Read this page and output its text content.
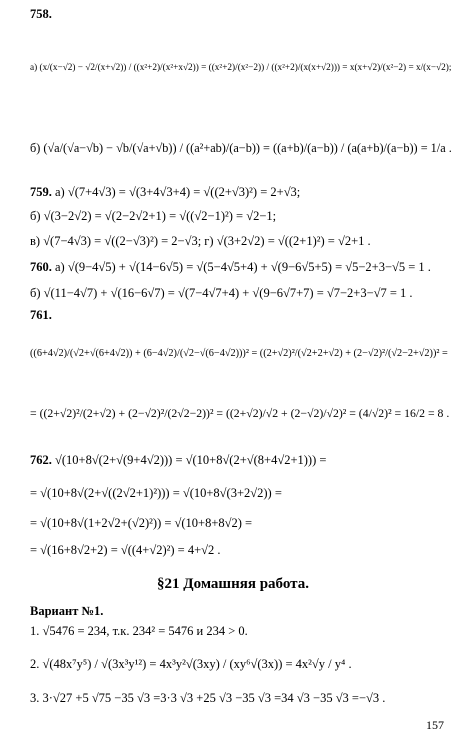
758.
а) (x/(x−√2) − √2/(x+√2)) / ((x²+2)/(x²+x√2)) = ((x²+2)/(x²−2)) / ((x²+2)/(x(x+√2))) = x(x+√2)/(x²−2) = x/(x−√2);
б) (√a/(√a−√b) − √b/(√a+√b)) / ((a²+ab)/(a−b)) = ((a+b)/(a−b)) / (a(a+b)/(a−b)) = 1/a .
759. а) √(7+4√3) = √(3+4√3+4) = √((2+√3)²) = 2+√3;
б) √(3−2√2) = √(2−2√2+1) = √((√2−1)²) = √2−1;
в) √(7−4√3) = √((2−√3)²) = 2−√3; г) √(3+2√2) = √((2+1)²) = √2+1 .
760. а) √(9−4√5) + √(14−6√5) = √(5−4√5+4) + √(9−6√5+5) = √5−2+3−√5 = 1 .
б) √(11−4√7) + √(16−6√7) = √(7−4√7+4) + √(9−6√7+7) = √7−2+3−√7 = 1 .
761.
((6+4√2)/(√2+√(6+4√2)) + (6−4√2)/(√2−√(6−4√2)))² = ((2+√2)²/(√2+2+√2) + (2−√2)²/(√2−2+√2))² =
= ((2+√2)²/(2+√2) + (2−√2)²/(2√2−2))² = ((2+√2)/√2 + (2−√2)/√2)² = (4/√2)² = 16/2 = 8 .
762. √(10+8√(2+√(9+4√2))) = √(10+8√(2+√(8+4√2+1))) =
= √(10+8√(2+√((2√2+1)²))) = √(10+8√(3+2√2)) =
= √(10+8√(1+2√2+(√2)²)) = √(10+8+8√2) =
= √(16+8√2+2) = √((4+√2)²) = 4+√2 .
§21 Домашняя работа.
Вариант №1.
1. √5476 = 234, т.к. 234² = 5476 и 234 > 0.
2. √(48x⁷y⁵) / √(3x³y¹²) = 4x³y²√(3xy) / (xy⁶√(3x)) = 4x²√y / y⁴ .
3. 3·√27 +5 √75 −35 √3 =3·3 √3 +25 √3 −35 √3 =34 √3 −35 √3 =−√3 .
157
